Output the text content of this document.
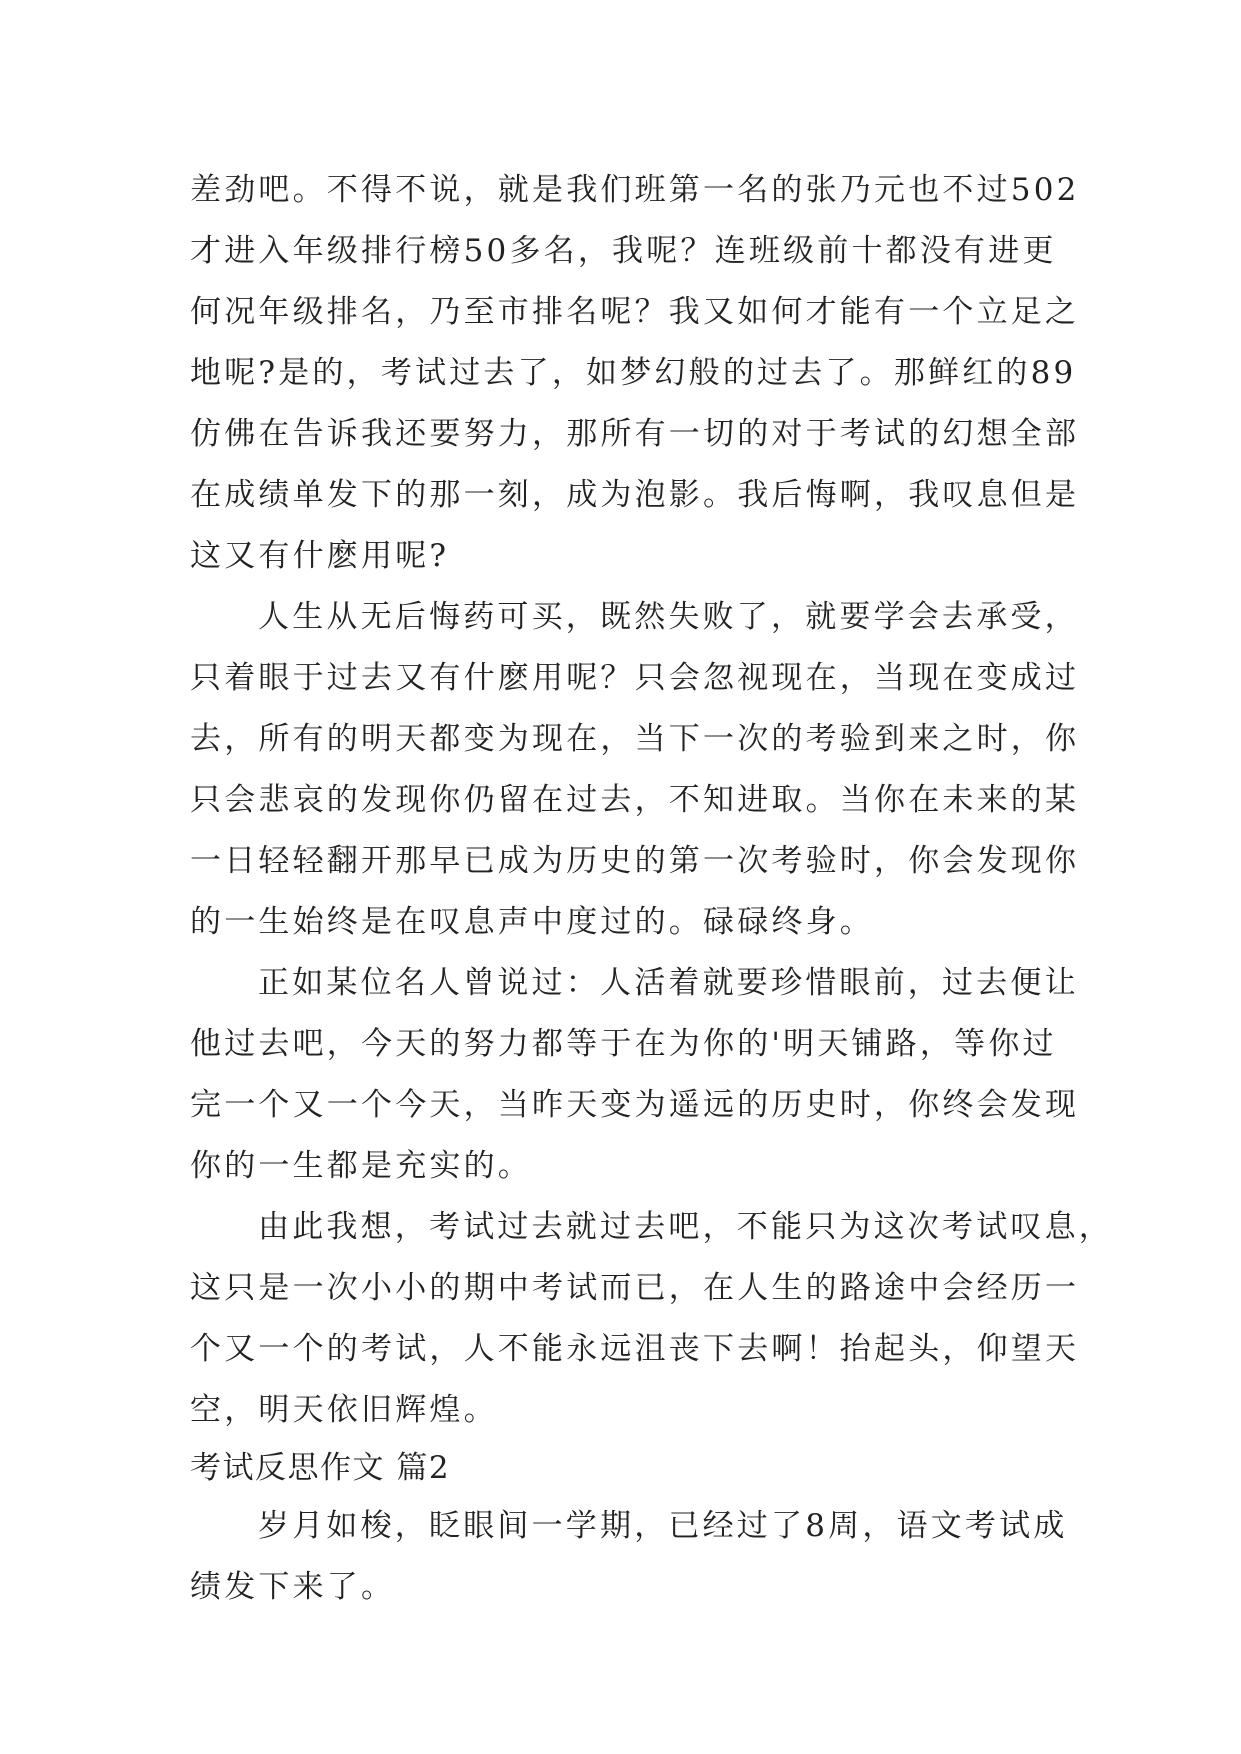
差劲吧。不得不说，就是我们班第一名的张乃元也不过502
才进入年级排行榜50多名，我呢？连班级前十都没有进更
何况年级排名，乃至市排名呢？我又如何才能有一个立足之
地呢?是的，考试过去了，如梦幻般的过去了。那鲜红的89
仿佛在告诉我还要努力，那所有一切的对于考试的幻想全部
在成绩单发下的那一刻，成为泡影。我后悔啊，我叹息但是
这又有什麽用呢?
人生从无后悔药可买，既然失败了，就要学会去承受，
只着眼于过去又有什麽用呢？只会忽视现在，当现在变成过
去，所有的明天都变为现在，当下一次的考验到来之时，你
只会悲哀的发现你仍留在过去，不知进取。当你在未来的某
一日轻轻翻开那早已成为历史的第一次考验时，你会发现你
的一生始终是在叹息声中度过的。碌碌终身。
正如某位名人曾说过：人活着就要珍惜眼前，过去便让
他过去吧，今天的努力都等于在为你的'明天铺路，等你过
完一个又一个今天，当昨天变为遥远的历史时，你终会发现
你的一生都是充实的。
由此我想，考试过去就过去吧，不能只为这次考试叹息，
这只是一次小小的期中考试而已，在人生的路途中会经历一
个又一个的考试，人不能永远沮丧下去啊！抬起头，仰望天
空，明天依旧辉煌。
考试反思作文 篇2
岁月如梭，眨眼间一学期，已经过了8周，语文考试成
绩发下来了。
